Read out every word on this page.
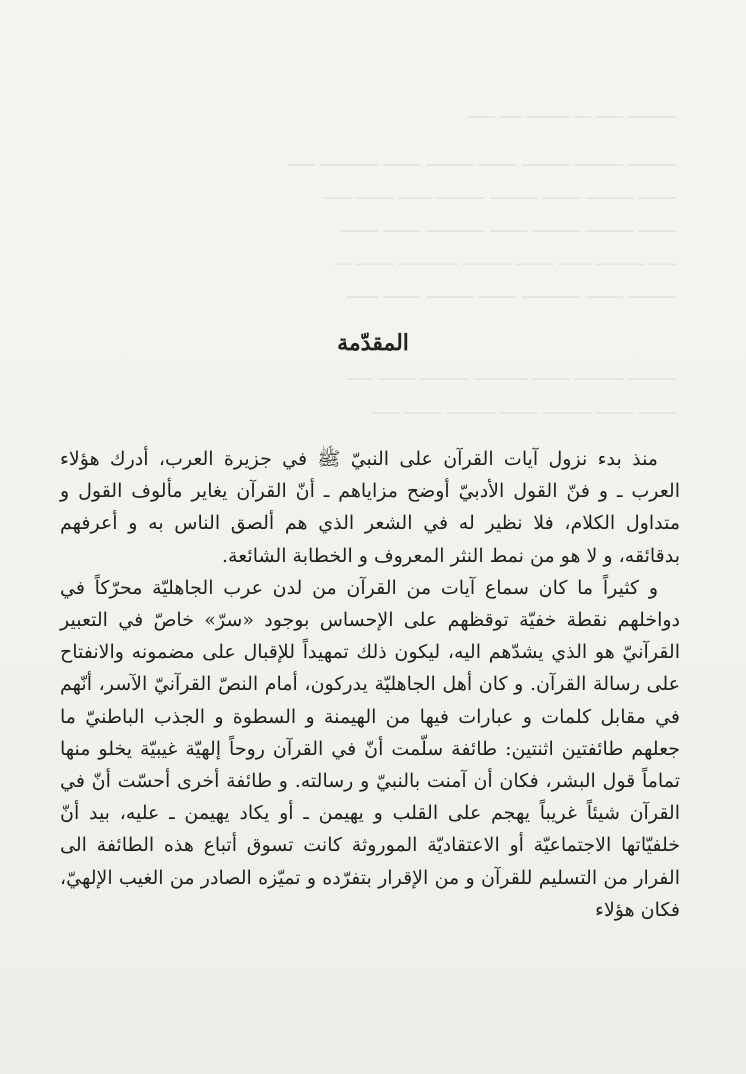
ـــــــــ ـــــ ـــ ــــــــ ــــ ـــــ
ـــــــــ ـــــــــ ـــــــــ ـــــــ ـــــــــ ـــــــ ـــــــــــ ـــــ
ـــــــ ـــــــــ ـــــــ ـــــــــ ـــــــــ ــــــ ـــــــ ـــــ
ـــــــ ـــــــــ ـــــــــ ـــــــ ـــــــــــ ـــــــ ـــــــ
ـــــ ـــــــــ ــــــ ـــــــ ـــــــــ ـــــــــــ ـــــــ ـــ
ـــــــــ ـــــــ ـــــــــــ ـــــــ ـــــــــ ـــــــ ــــــ
ـــــــــ ـــــــــ ـــــــ ــــــــــ ـــــــــ ـــــــ ـــــ
ـــــــ ـــــــ ـــــــــ ـــــــ ـــــــــ ـــــــ ـــــ
المقدّمة

منذ بدء نزول آيات القرآن على النبيّ ﷺ في جزيرة العرب، أدرك هؤلاء العرب ـ و فنّ القول الأدبيّ أوضح مزاياهم ـ أنّ القرآن يغاير مألوف القول و متداول الكلام، فلا نظير له في الشعر الذي هم ألصق الناس به و أعرفهم بدقائقه، و لا هو من نمط النثر المعروف و الخطابة الشائعة.

و كثيراً ما كان سماع آيات من القرآن من لدن عرب الجاهليّة محرّكاً في دواخلهم نقطة خفيّة توقظهم على الإحساس بوجود «سرّ» خاصّ في التعبير القرآنيّ هو الذي يشدّهم اليه، ليكون ذلك تمهيداً للإقبال على مضمونه والانفتاح على رسالة القرآن. و كان أهل الجاهليّة يدركون، أمام النصّ القرآنيّ الآسر، أنّهم في مقابل كلمات و عبارات فيها من الهيمنة و السطوة و الجذب الباطنيّ ما جعلهم طائفتين اثنتين: طائفة سلّمت أنّ في القرآن روحاً إلهيّة غيبيّة يخلو منها تماماً قول البشر، فكان أن آمنت بالنبيّ و رسالته. و طائفة أخرى أحسّت أنّ في القرآن شيئاً غريباً يهجم على القلب و يهيمن ـ أو يكاد يهيمن ـ عليه، بيد أنّ خلفيّاتها الاجتماعيّة أو الاعتقاديّة الموروثة كانت تسوق أتباع هذه الطائفة الى الفرار من التسليم للقرآن و من الإقرار بتفرّده و تميّزه الصادر من الغيب الإلهيّ، فكان هؤلاء
